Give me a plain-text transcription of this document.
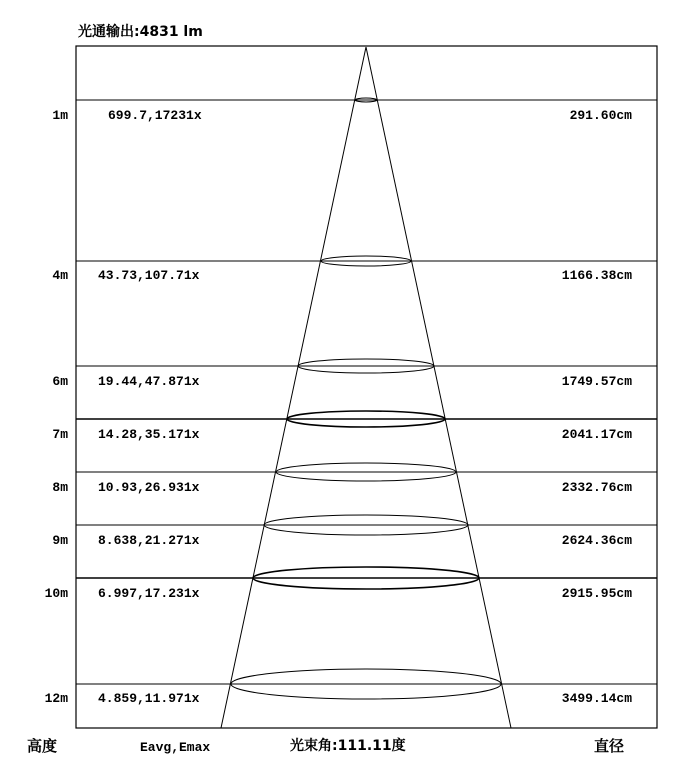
光通输出:4831 lm
1m	699.7,17231x	291.60cm
4m 43.73,107.71x	1166.38cm
6m 19.44,47.871x	1749.57cm
7m 14.28,35.171x	2041.17cm
8m 10.93,26.931x	2332.76cm
9m 8.638,21.271x	2624.36cm
10m 6.997,17.231x	2915.95cm
12m 4.859,11.971x	3499.14cm
高度	Eavg,Emax	光束角:111.11度	直径
